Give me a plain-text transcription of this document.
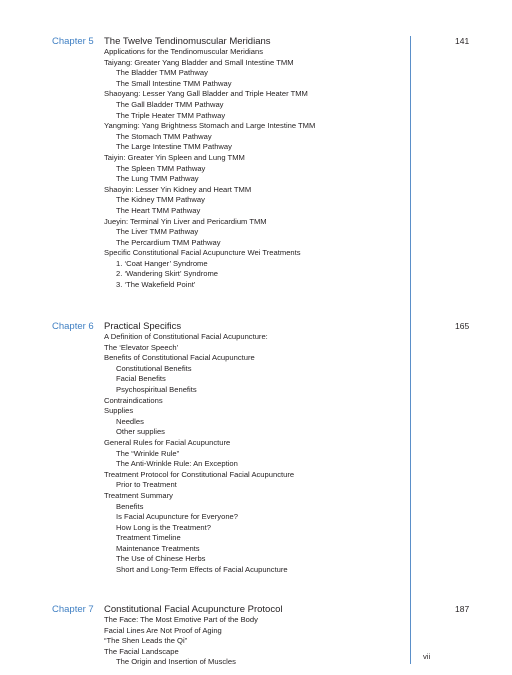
Chapter 5 The Twelve Tendinomuscular Meridians	141
Applications for the Tendinomuscular Meridians
Taiyang: Greater Yang Bladder and Small Intestine TMM
The Bladder TMM Pathway
The Small Intestine TMM Pathway
Shaoyang: Lesser Yang Gall Bladder and Triple Heater TMM
The Gall Bladder TMM Pathway
The Triple Heater TMM Pathway
Yangming: Yang Brightness Stomach and Large Intestine TMM
The Stomach TMM Pathway
The Large Intestine TMM Pathway
Taiyin: Greater Yin Spleen and Lung TMM
The Spleen TMM Pathway
The Lung TMM Pathway
Shaoyin: Lesser Yin Kidney and Heart TMM
The Kidney TMM Pathway
The Heart TMM Pathway
Jueyin: Terminal Yin Liver and Pericardium TMM
The Liver TMM Pathway
The Percardium TMM Pathway
Specific Constitutional Facial Acupuncture Wei Treatments
1. ‘Coat Hanger’ Syndrome
2. ‘Wandering Skirt’ Syndrome
3. ‘The Wakefield Point’
Chapter 6 Practical Specifics	165
A Definition of Constitutional Facial Acupuncture:
The ‘Elevator Speech’
Benefits of Constitutional Facial Acupuncture
Constitutional Benefits
Facial Benefits
Psychospiritual Benefits
Contraindications
Supplies
Needles
Other supplies
General Rules for Facial Acupuncture
The “Wrinkle Rule”
The Anti-Wrinkle Rule: An Exception
Treatment Protocol for Constitutional Facial Acupuncture
Prior to Treatment
Treatment Summary
Benefits
Is Facial Acupuncture for Everyone?
How Long is the Treatment?
Treatment Timeline
Maintenance Treatments
The Use of Chinese Herbs
Short and Long-Term Effects of Facial Acupuncture
Chapter 7 Constitutional Facial Acupuncture Protocol	187
The Face: The Most Emotive Part of the Body
Facial Lines Are Not Proof of Aging
“The Shen Leads the Qi”
The Facial Landscape
The Origin and Insertion of Muscles
vii
